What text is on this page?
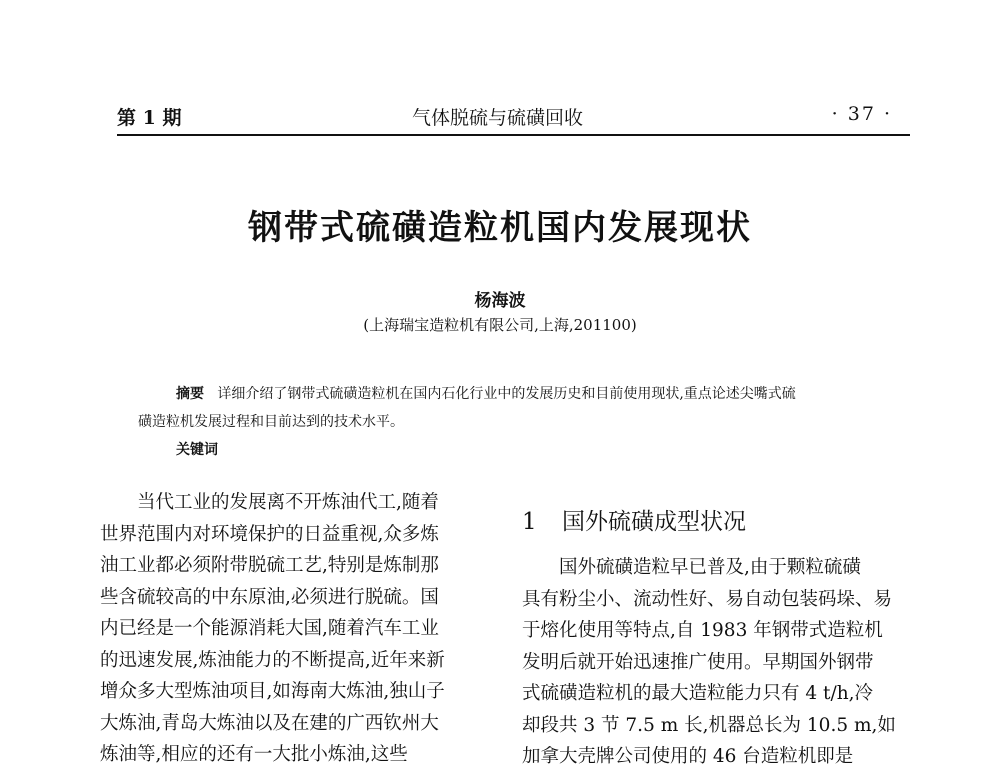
第 1 期	气体脱硫与硫磺回收	· 37 ·
钢带式硫磺造粒机国内发展现状
杨海波
(上海瑞宝造粒机有限公司,上海,201100)
摘要 详细介绍了钢带式硫磺造粒机在国内石化行业中的发展历史和目前使用现状,重点论述尖嘴式硫
磺造粒机发展过程和目前达到的技术水平。
关键词
当代工业的发展离不开炼油代工,随着
世界范围内对环境保护的日益重视,众多炼
油工业都必须附带脱硫工艺,特别是炼制那
些含硫较高的中东原油,必须进行脱硫。国
内已经是一个能源消耗大国,随着汽车工业
的迅速发展,炼油能力的不断提高,近年来新
增众多大型炼油项目,如海南大炼油,独山子
大炼油,青岛大炼油以及在建的广西钦州大
炼油等,相应的还有一大批小炼油,这些
1 国外硫磺成型状况
国外硫磺造粒早已普及,由于颗粒硫磺
具有粉尘小、流动性好、易自动包装码垛、易
于熔化使用等特点,自 1983 年钢带式造粒机
发明后就开始迅速推广使用。早期国外钢带
式硫磺造粒机的最大造粒能力只有 4 t/h,冷
却段共 3 节 7.5 m 长,机器总长为 10.5 m,如
加拿大壳牌公司使用的 46 台造粒机即是
